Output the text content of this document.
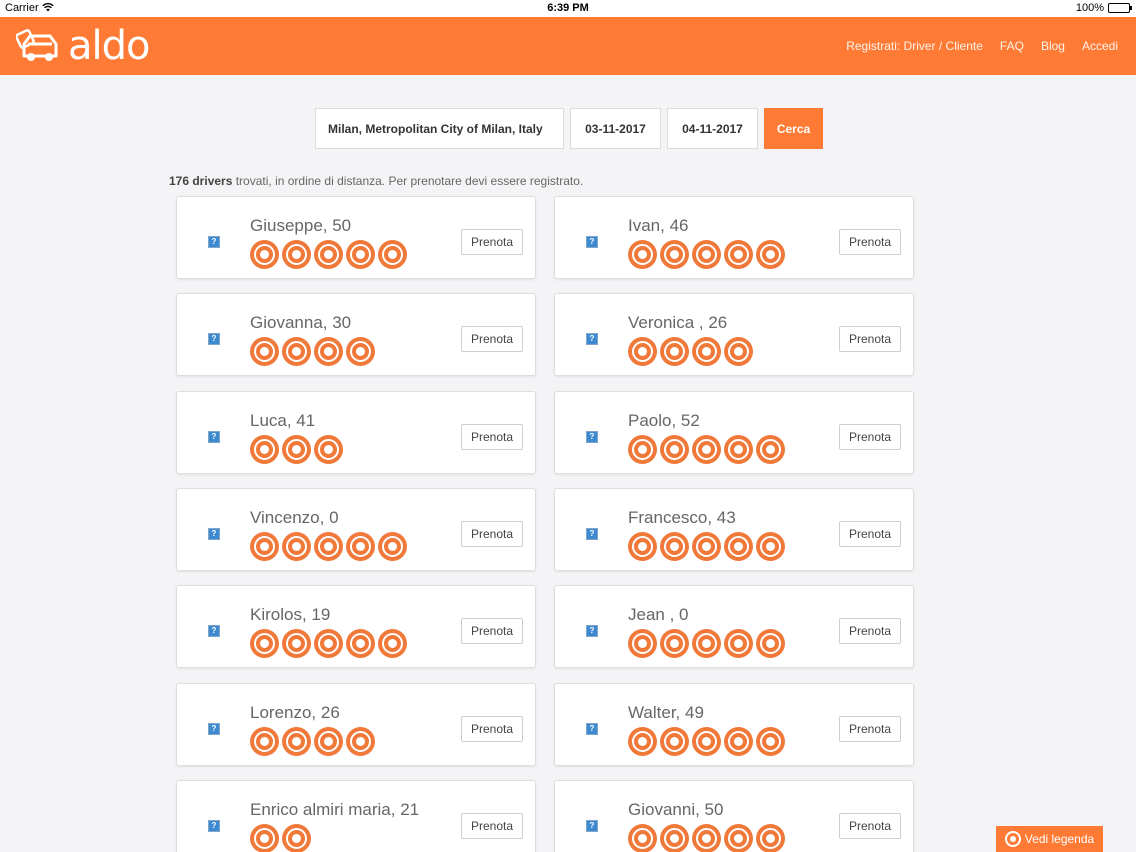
Carrier	6:39 PM	100%
aldo	Registrati: Driver / Cliente FAQ Blog Accedi
Milan, Metropolitan City of Milan, Italy	03-11-2017	04-11-2017	Cerca
176 drivers trovati, in ordine di distanza. Per prenotare devi essere registrato.
?
Giuseppe, 50
Prenota	?
Ivan, 46
Prenota
?
Giovanna, 30
Prenota	?
Veronica , 26
Prenota
?
Luca, 41
Prenota	?
Paolo, 52
Prenota
?
Vincenzo, 0
Prenota	?
Francesco, 43
Prenota
?
Kirolos, 19
Prenota	?
Jean , 0
Prenota
?
Lorenzo, 26
Prenota	?
Walter, 49
Prenota
?
Enrico almiri maria, 21
Prenota	?
Giovanni, 50
Prenota
Vedi legenda
